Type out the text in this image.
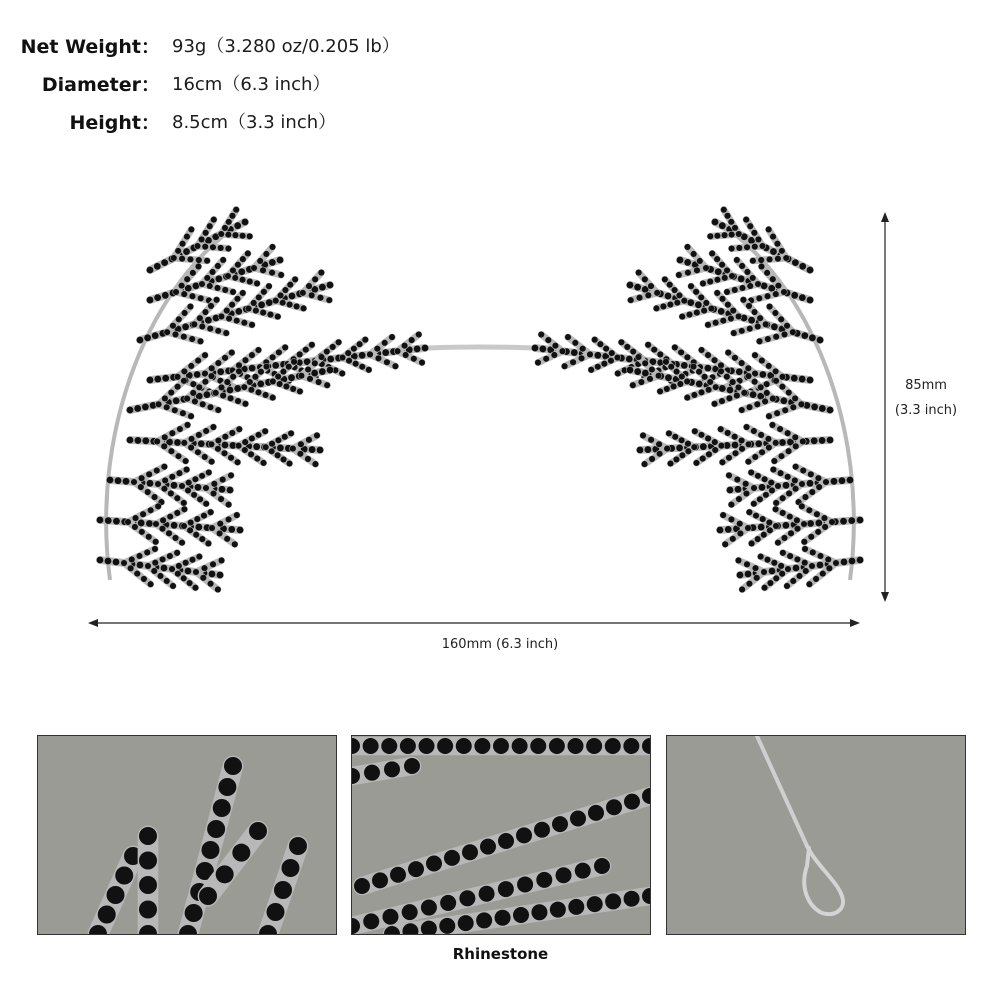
Net Weight： 93g（3.280 oz/0.205 lb）
Diameter： 16cm（6.3 inch）
Height： 8.5cm（3.3 inch）
160mm (6.3 inch)
85mm
(3.3 inch)
Rhinestone
